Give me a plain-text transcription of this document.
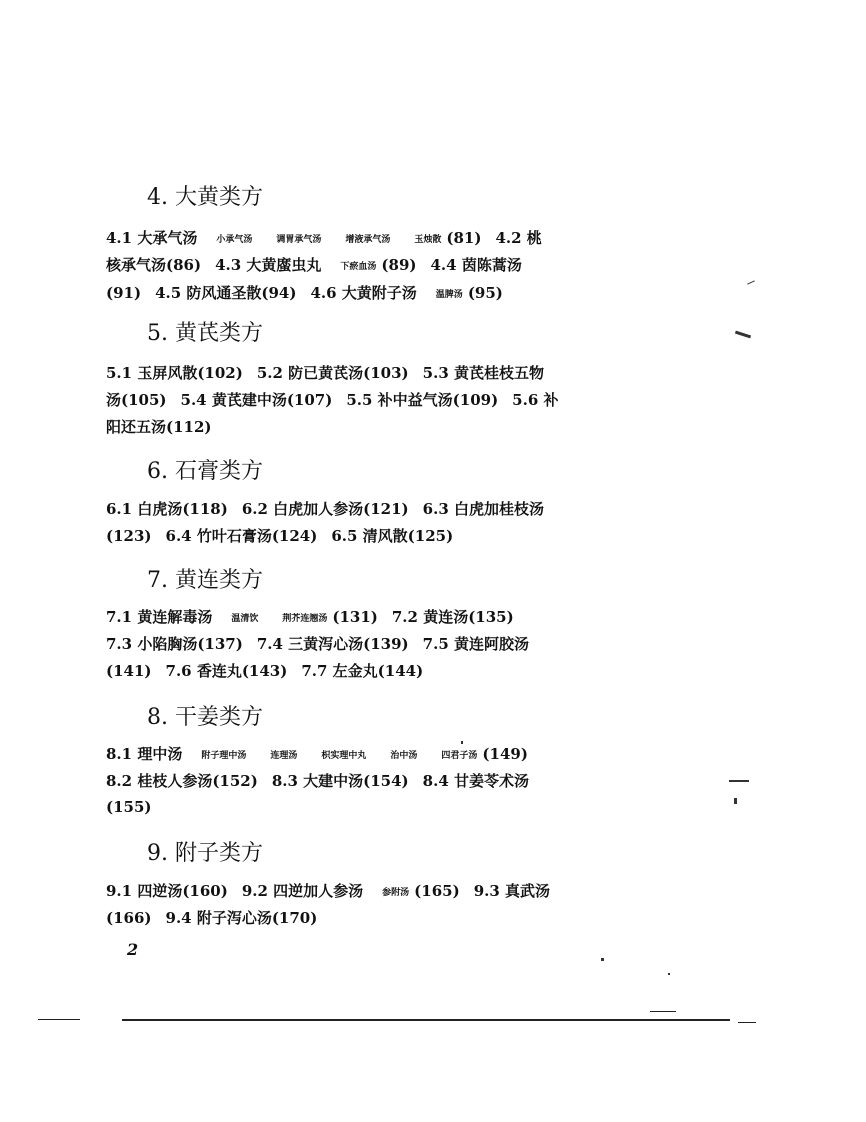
4. 大黄类方
4.1 大承气汤 小承气汤	调胃承气汤	增液承气汤	玉烛散 (81) 4.2 桃
核承气汤(86) 4.3 大黄䗪虫丸 下瘀血汤 (89) 4.4 茵陈蒿汤
(91) 4.5 防风通圣散(94) 4.6 大黄附子汤 温脾汤 (95)
5. 黄芪类方
5.1 玉屏风散(102) 5.2 防已黄芪汤(103) 5.3 黄芪桂枝五物
汤(105) 5.4 黄芪建中汤(107) 5.5 补中益气汤(109) 5.6 补
阳还五汤(112)
6. 石膏类方
6.1 白虎汤(118) 6.2 白虎加人参汤(121) 6.3 白虎加桂枝汤
(123) 6.4 竹叶石膏汤(124) 6.5 清风散(125)
7. 黄连类方
7.1 黄连解毒汤 温清饮	荆芥连翘汤 (131) 7.2 黄连汤(135)
7.3 小陷胸汤(137) 7.4 三黄泻心汤(139) 7.5 黄连阿胶汤
(141) 7.6 香连丸(143) 7.7 左金丸(144)
8. 干姜类方
8.1 理中汤 附子理中汤	连理汤	枳实理中丸	治中汤	四君子汤 (149)
8.2 桂枝人参汤(152) 8.3 大建中汤(154) 8.4 甘姜苓术汤
(155)
9. 附子类方
9.1 四逆汤(160) 9.2 四逆加人参汤 参附汤 (165) 9.3 真武汤
(166) 9.4 附子泻心汤(170)
2
